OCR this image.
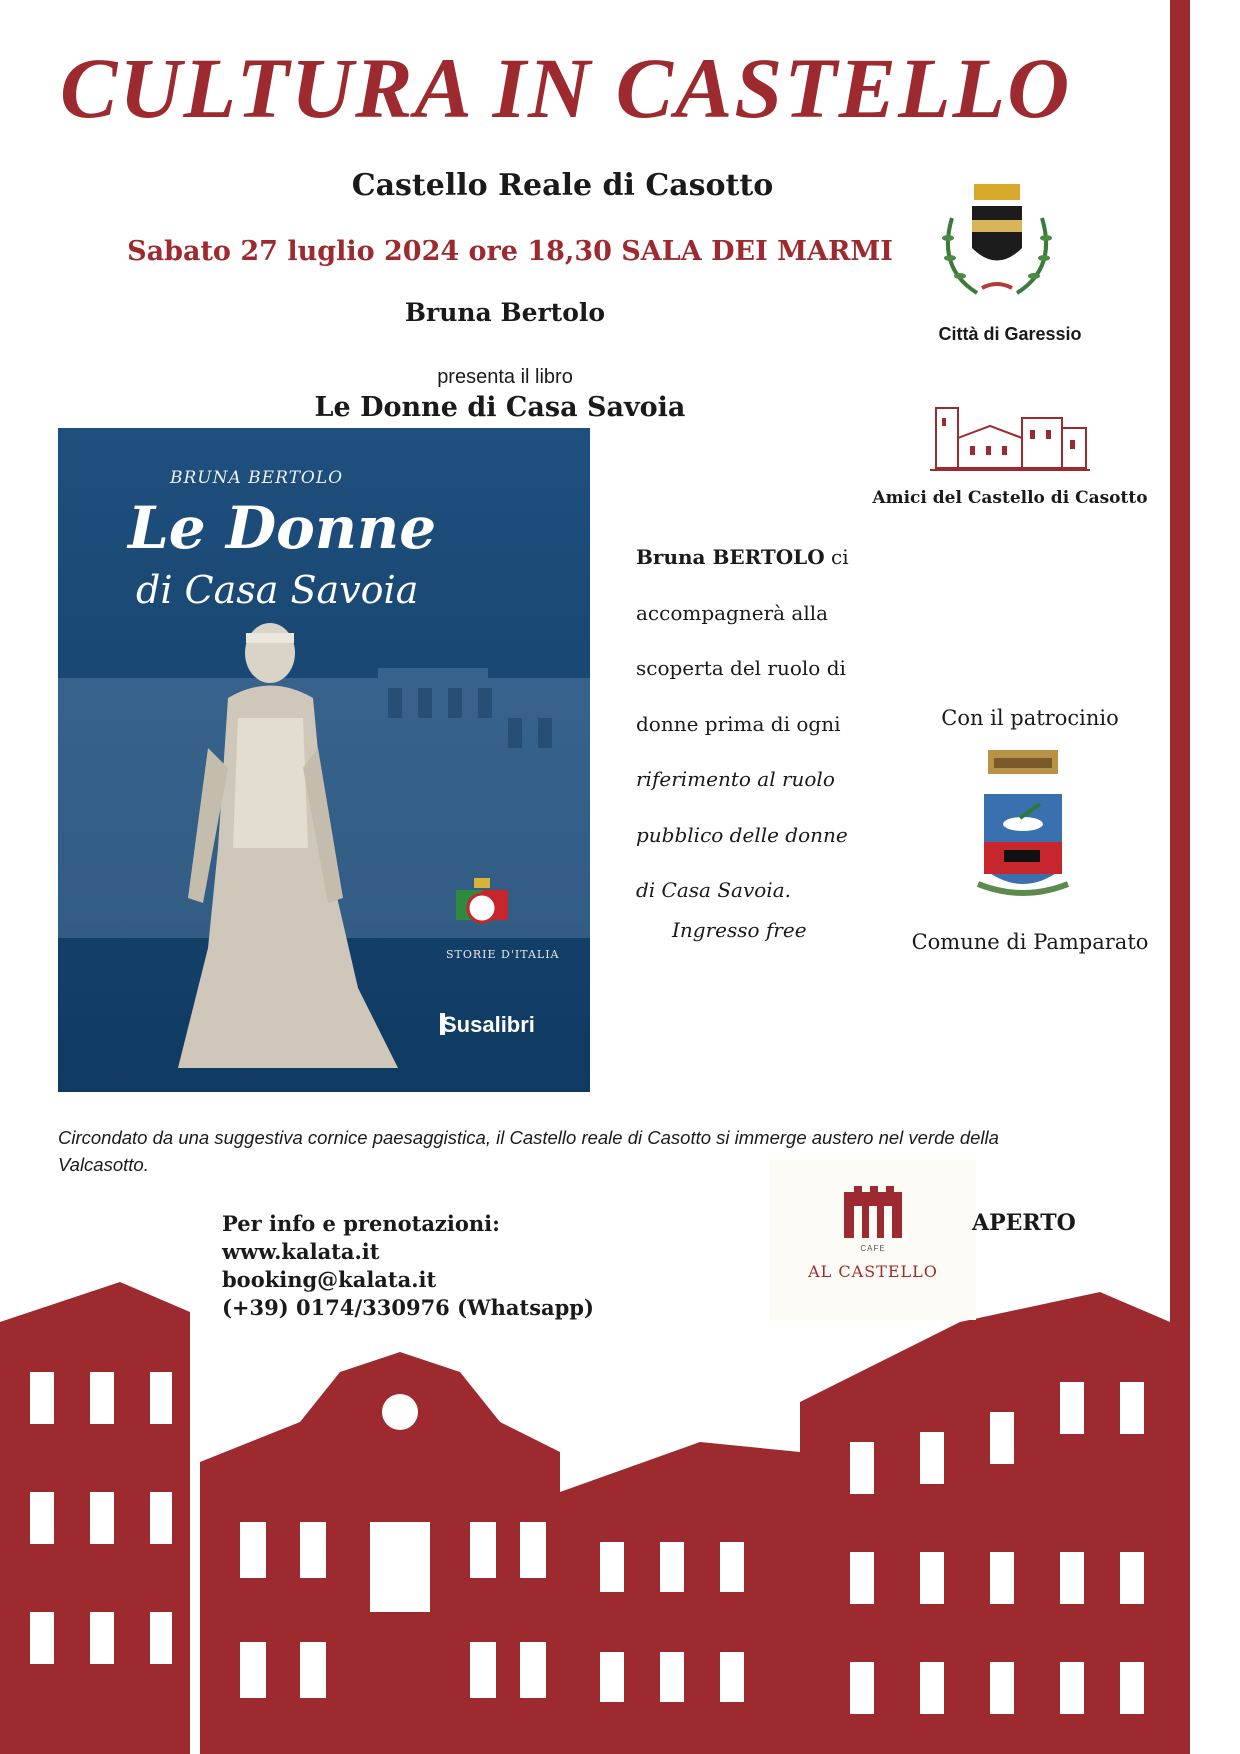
CULTURA IN CASTELLO
Castello Reale di Casotto
Sabato 27 luglio 2024 ore 18,30 SALA DEI MARMI
Bruna Bertolo
presenta il libro
Le Donne di Casa Savoia
BRUNA BERTOLO
Le Donne
di Casa Savoia
STORIE D'ITALIA
Susalibri
Bruna BERTOLO ci
accompagnerà alla
scoperta del ruolo di
donne prima di ogni
riferimento al ruolo
pubblico delle donne
di Casa Savoia.
Ingresso free
Città di Garessio
Amici del Castello di Casotto
Con il patrocinio
Comune di Pamparato
Circondato da una suggestiva cornice paesaggistica, il Castello reale di Casotto si immerge austero nel verde della Valcasotto.
Per info e prenotazioni:
www.kalata.it
booking@kalata.it
(+39) 0174/330976 (Whatsapp)
CAFE
AL CASTELLO
APERTO
